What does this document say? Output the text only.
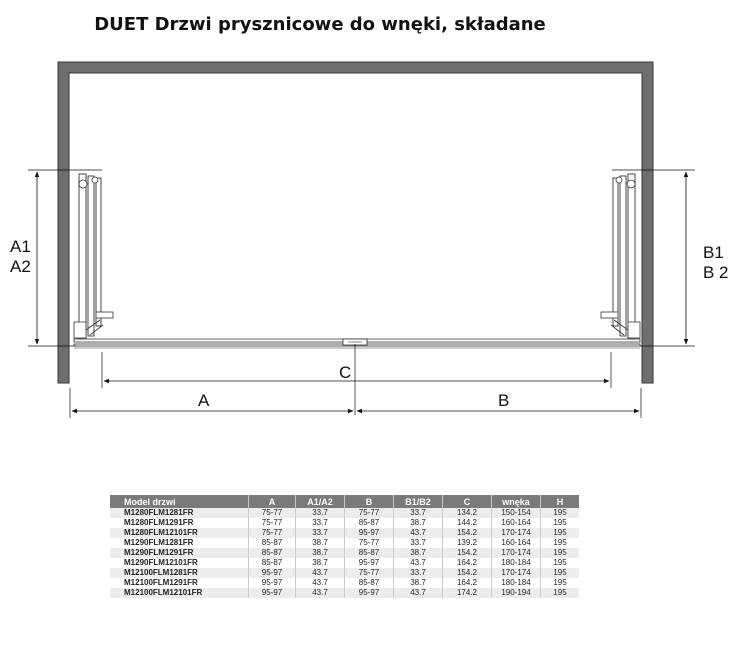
DUET Drzwi prysznicowe do wnęki, składane
A1
A2
B1
B 2
C
A	B
Model drzwi	A	A1/A2	B	B1/B2	C	wnęka	H
M1280FLM1281FR	75-77	33.7	75-77	33.7	134.2	150-154	195
M1280FLM1291FR	75-77	33.7	85-87	38.7	144.2	160-164	195
M1280FLM12101FR	75-77	33.7	95-97	43.7	154.2	170-174	195
M1290FLM1281FR	85-87	38.7	75-77	33.7	139.2	160-164	195
M1290FLM1291FR	85-87	38.7	85-87	38.7	154.2	170-174	195
M1290FLM12101FR	85-87	38.7	95-97	43.7	164.2	180-184	195
M12100FLM1281FR	95-97	43.7	75-77	33.7	154.2	170-174	195
M12100FLM1291FR	95-97	43.7	85-87	38.7	164.2	180-184	195
M12100FLM12101FR	95-97	43.7	95-97	43.7	174.2	190-194	195
